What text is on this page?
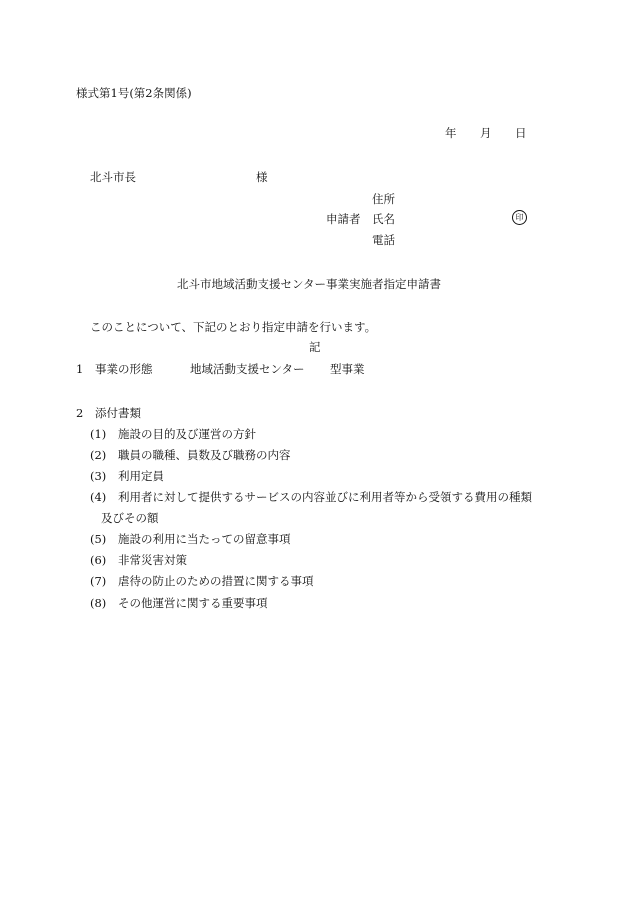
様式第1号(第2条関係)
年 月 日
北斗市長	様
住所
申請者 氏名	印
電話
北斗市地域活動支援センター事業実施者指定申請書
このことについて、下記のとおり指定申請を行います。
記
1 事業の形態	地域活動支援センター 型事業
2 添付書類
(1) 施設の目的及び運営の方針
(2) 職員の職種、員数及び職務の内容
(3) 利用定員
(4) 利用者に対して提供するサービスの内容並びに利用者等から受領する費用の種類
及びその額
(5) 施設の利用に当たっての留意事項
(6) 非常災害対策
(7) 虐待の防止のための措置に関する事項
(8) その他運営に関する重要事項
